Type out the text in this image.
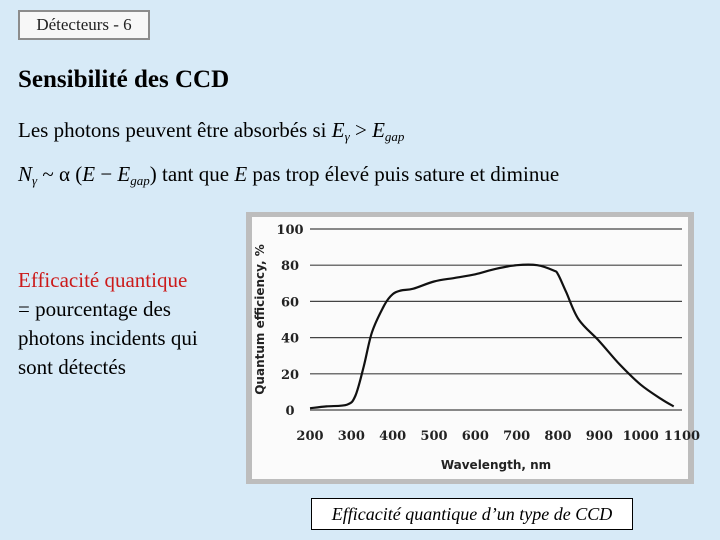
Détecteurs - 6
Sensibilité des CCD
Les photons peuvent être absorbés si $E_\gamma > E_{gap}$
$N_\gamma$ ~ α $(E - E_{gap})$ tant que E pas trop élevé puis sature et diminue
Efficacité quantique
= pourcentage des photons incidents qui sont détectés
0
20
40
60
80
100
200 300 400 500 600 700 800 900 1000 1100
Wavelength, nm
Quantum efficiency, %
Efficacité quantique d’un type de CCD
